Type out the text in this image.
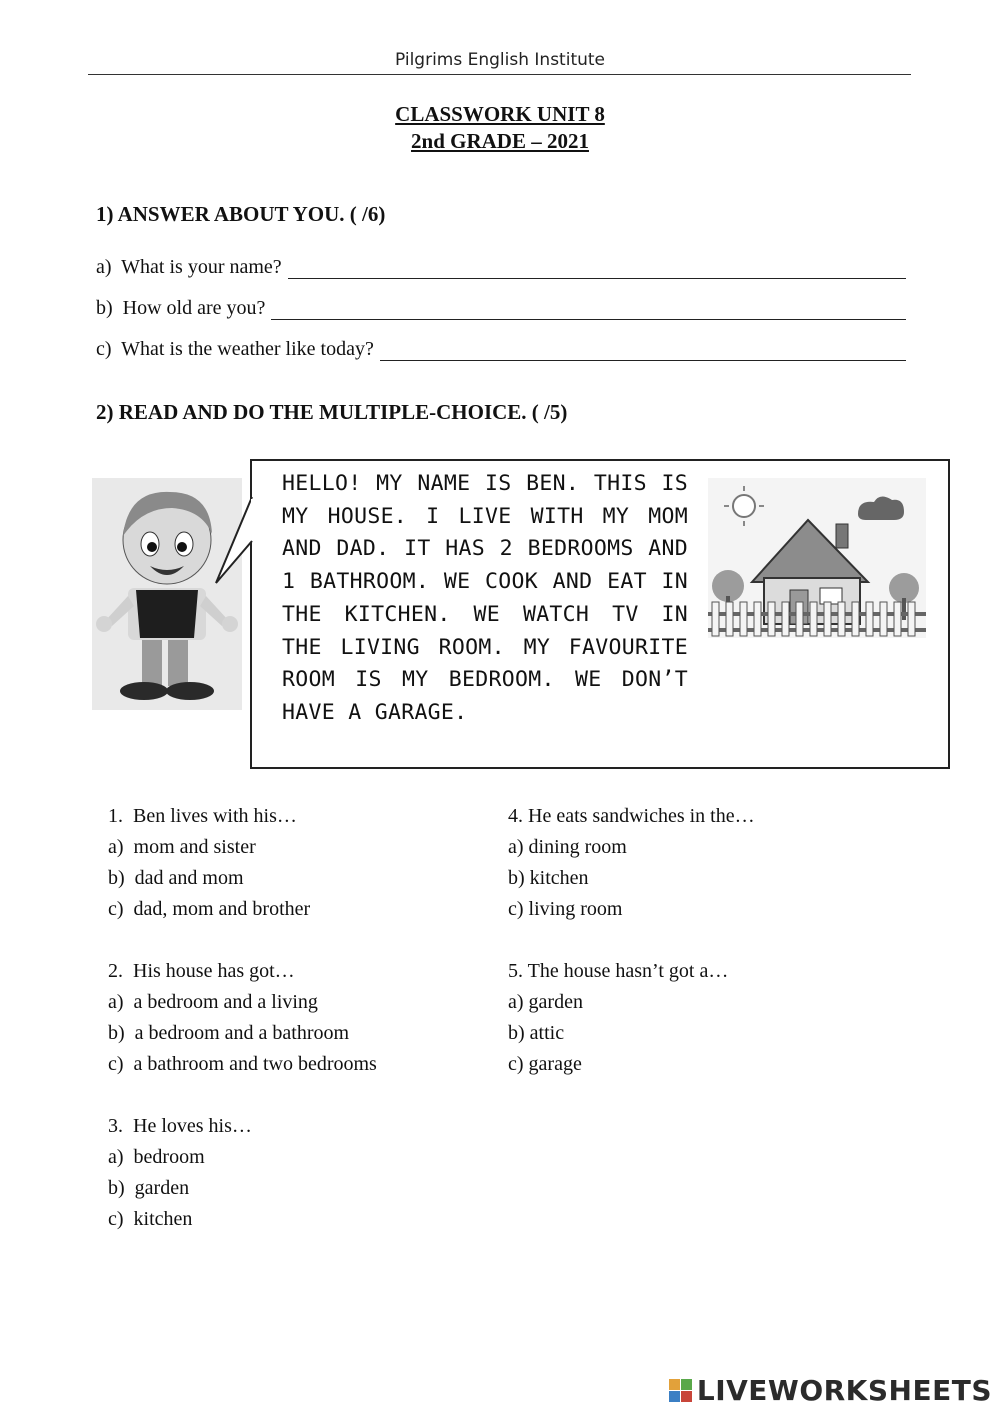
Pilgrims English Institute
CLASSWORK UNIT 8
2nd GRADE – 2021
1) ANSWER ABOUT YOU. ( /6)
a)  What is your name?
b)  How old are you?
c)  What is the weather like today?
2) READ AND DO THE MULTIPLE-CHOICE. ( /5)
HELLO! MY NAME IS BEN. THIS IS MY HOUSE. I LIVE WITH MY MOM AND DAD. IT HAS 2 BEDROOMS AND 1 BATHROOM. WE COOK AND EAT IN THE KITCHEN. WE WATCH TV IN THE LIVING ROOM. MY FAVOURITE ROOM IS MY BEDROOM. WE DON’T HAVE A GARAGE.
1.  Ben lives with his…
a)  mom and sister
b)  dad and mom
c)  dad, mom and brother
2.  His house has got…
a)  a bedroom and a living
b)  a bedroom and a bathroom
c)  a bathroom and two bedrooms
3.  He loves his…
a)  bedroom
b)  garden
c)  kitchen
4. He eats sandwiches in the…
a) dining room
b) kitchen
c) living room
5. The house hasn’t got a…
a) garden
b) attic
c) garage
LIVEWORKSHEETS
